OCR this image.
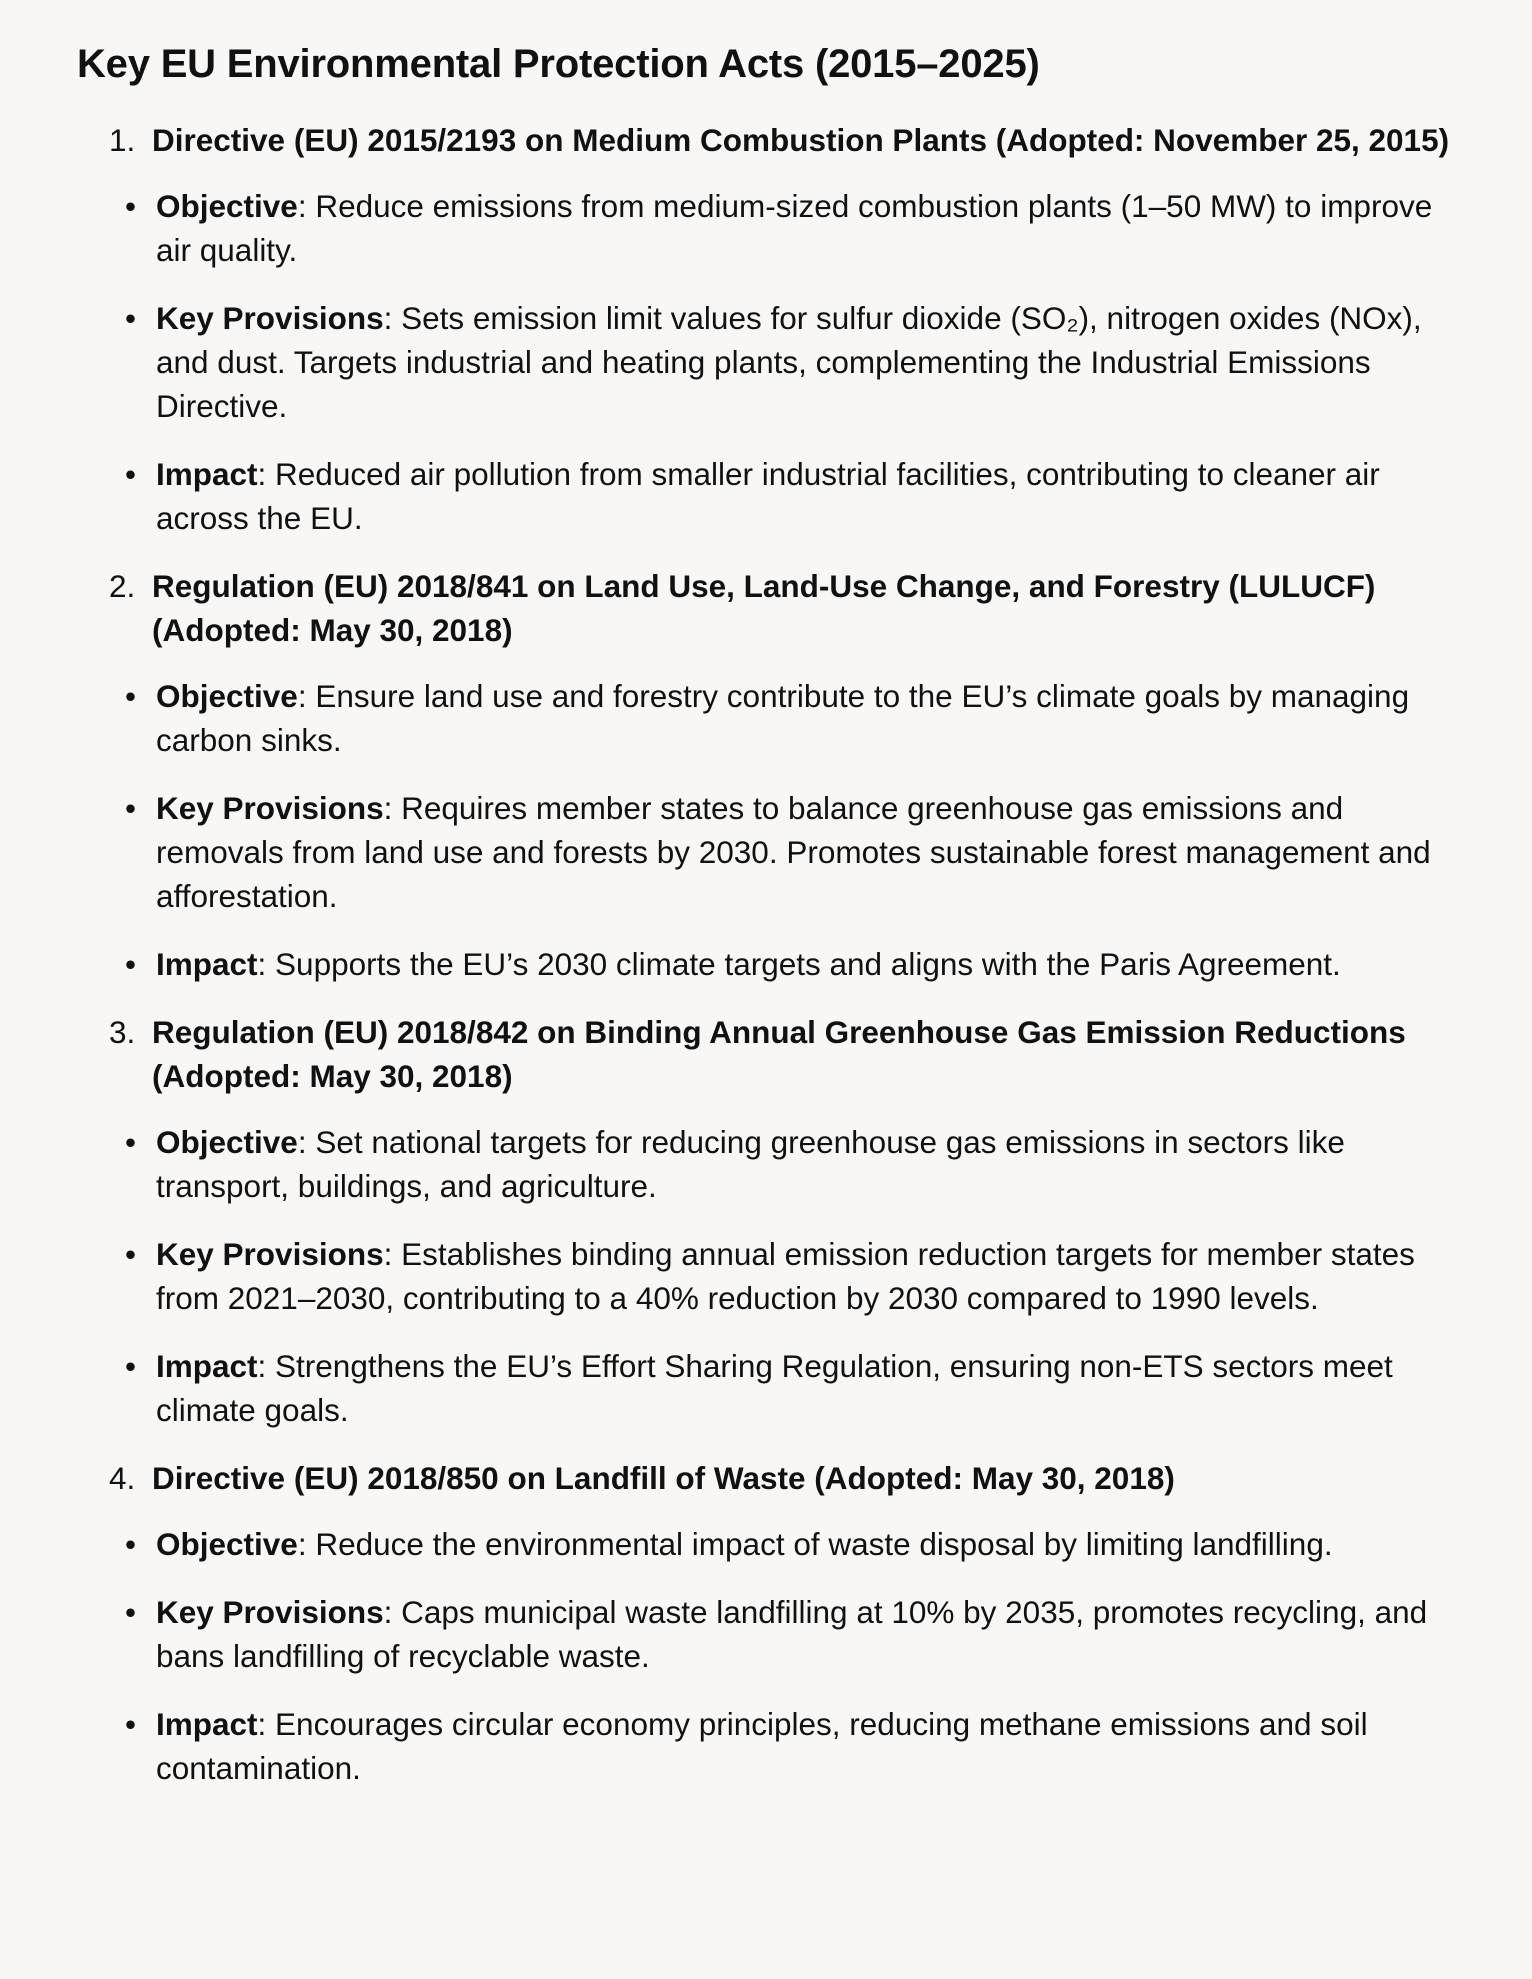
Key EU Environmental Protection Acts (2015–2025)
1. Directive (EU) 2015/2193 on Medium Combustion Plants (Adopted: November 25, 2015)
• Objective: Reduce emissions from medium-sized combustion plants (1–50 MW) to improve air quality.
• Key Provisions: Sets emission limit values for sulfur dioxide (SO₂), nitrogen oxides (NOx), and dust. Targets industrial and heating plants, complementing the Industrial Emissions Directive.
• Impact: Reduced air pollution from smaller industrial facilities, contributing to cleaner air across the EU.
2. Regulation (EU) 2018/841 on Land Use, Land-Use Change, and Forestry (LULUCF) (Adopted: May 30, 2018)
• Objective: Ensure land use and forestry contribute to the EU’s climate goals by managing carbon sinks.
• Key Provisions: Requires member states to balance greenhouse gas emissions and removals from land use and forests by 2030. Promotes sustainable forest management and afforestation.
• Impact: Supports the EU’s 2030 climate targets and aligns with the Paris Agreement.
3. Regulation (EU) 2018/842 on Binding Annual Greenhouse Gas Emission Reductions (Adopted: May 30, 2018)
• Objective: Set national targets for reducing greenhouse gas emissions in sectors like transport, buildings, and agriculture.
• Key Provisions: Establishes binding annual emission reduction targets for member states from 2021–2030, contributing to a 40% reduction by 2030 compared to 1990 levels.
• Impact: Strengthens the EU’s Effort Sharing Regulation, ensuring non-ETS sectors meet climate goals.
4. Directive (EU) 2018/850 on Landfill of Waste (Adopted: May 30, 2018)
• Objective: Reduce the environmental impact of waste disposal by limiting landfilling.
• Key Provisions: Caps municipal waste landfilling at 10% by 2035, promotes recycling, and bans landfilling of recyclable waste.
• Impact: Encourages circular economy principles, reducing methane emissions and soil contamination.
